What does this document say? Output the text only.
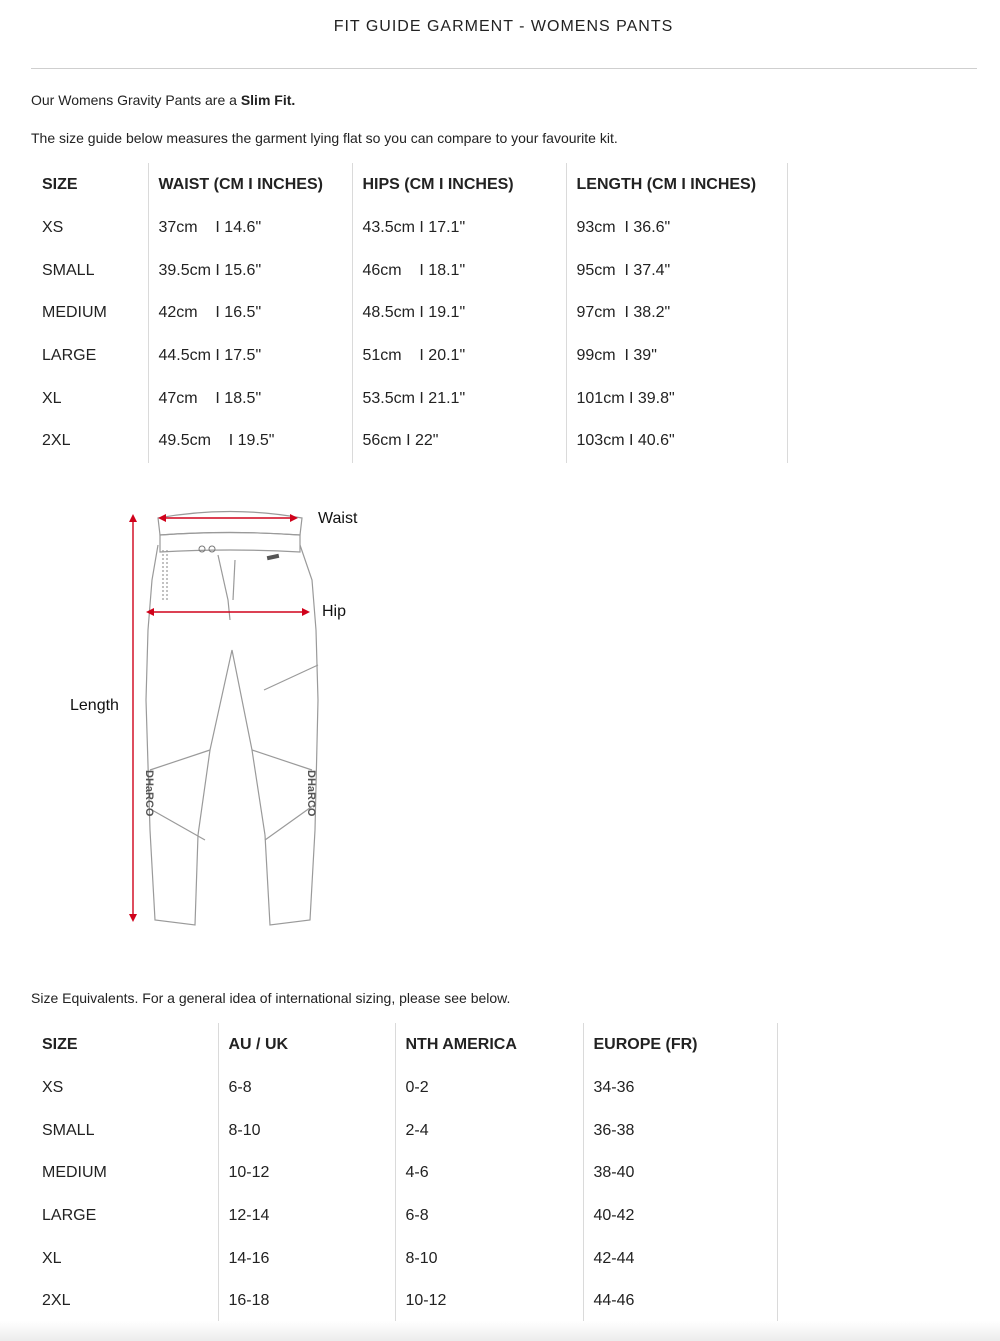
FIT GUIDE GARMENT - WOMENS PANTS
Our Womens Gravity Pants are a Slim Fit.
The size guide below measures the garment lying flat so you can compare to your favourite kit.
SIZE	WAIST (CM I INCHES)	HIPS (CM I INCHES)	LENGTH (CM I INCHES)
XS	37cm    I 14.6"	43.5cm I 17.1"	93cm  I 36.6"
SMALL	39.5cm I 15.6"	46cm    I 18.1"	95cm  I 37.4"
MEDIUM	42cm    I 16.5"	48.5cm I 19.1"	97cm  I 38.2"
LARGE	44.5cm I 17.5"	51cm    I 20.1"	99cm  I 39"
XL	47cm    I 18.5"	53.5cm I 21.1"	101cm I 39.8"
2XL	49.5cm    I 19.5"	56cm I 22"	103cm I 40.6"
DHaRCO	DHaRCO
Waist
Hip
Length
Size Equivalents. For a general idea of international sizing, please see below.
SIZE	AU / UK	NTH AMERICA	EUROPE (FR)
XS	6-8	0-2	34-36
SMALL	8-10	2-4	36-38
MEDIUM	10-12	4-6	38-40
LARGE	12-14	6-8	40-42
XL	14-16	8-10	42-44
2XL	16-18	10-12	44-46
